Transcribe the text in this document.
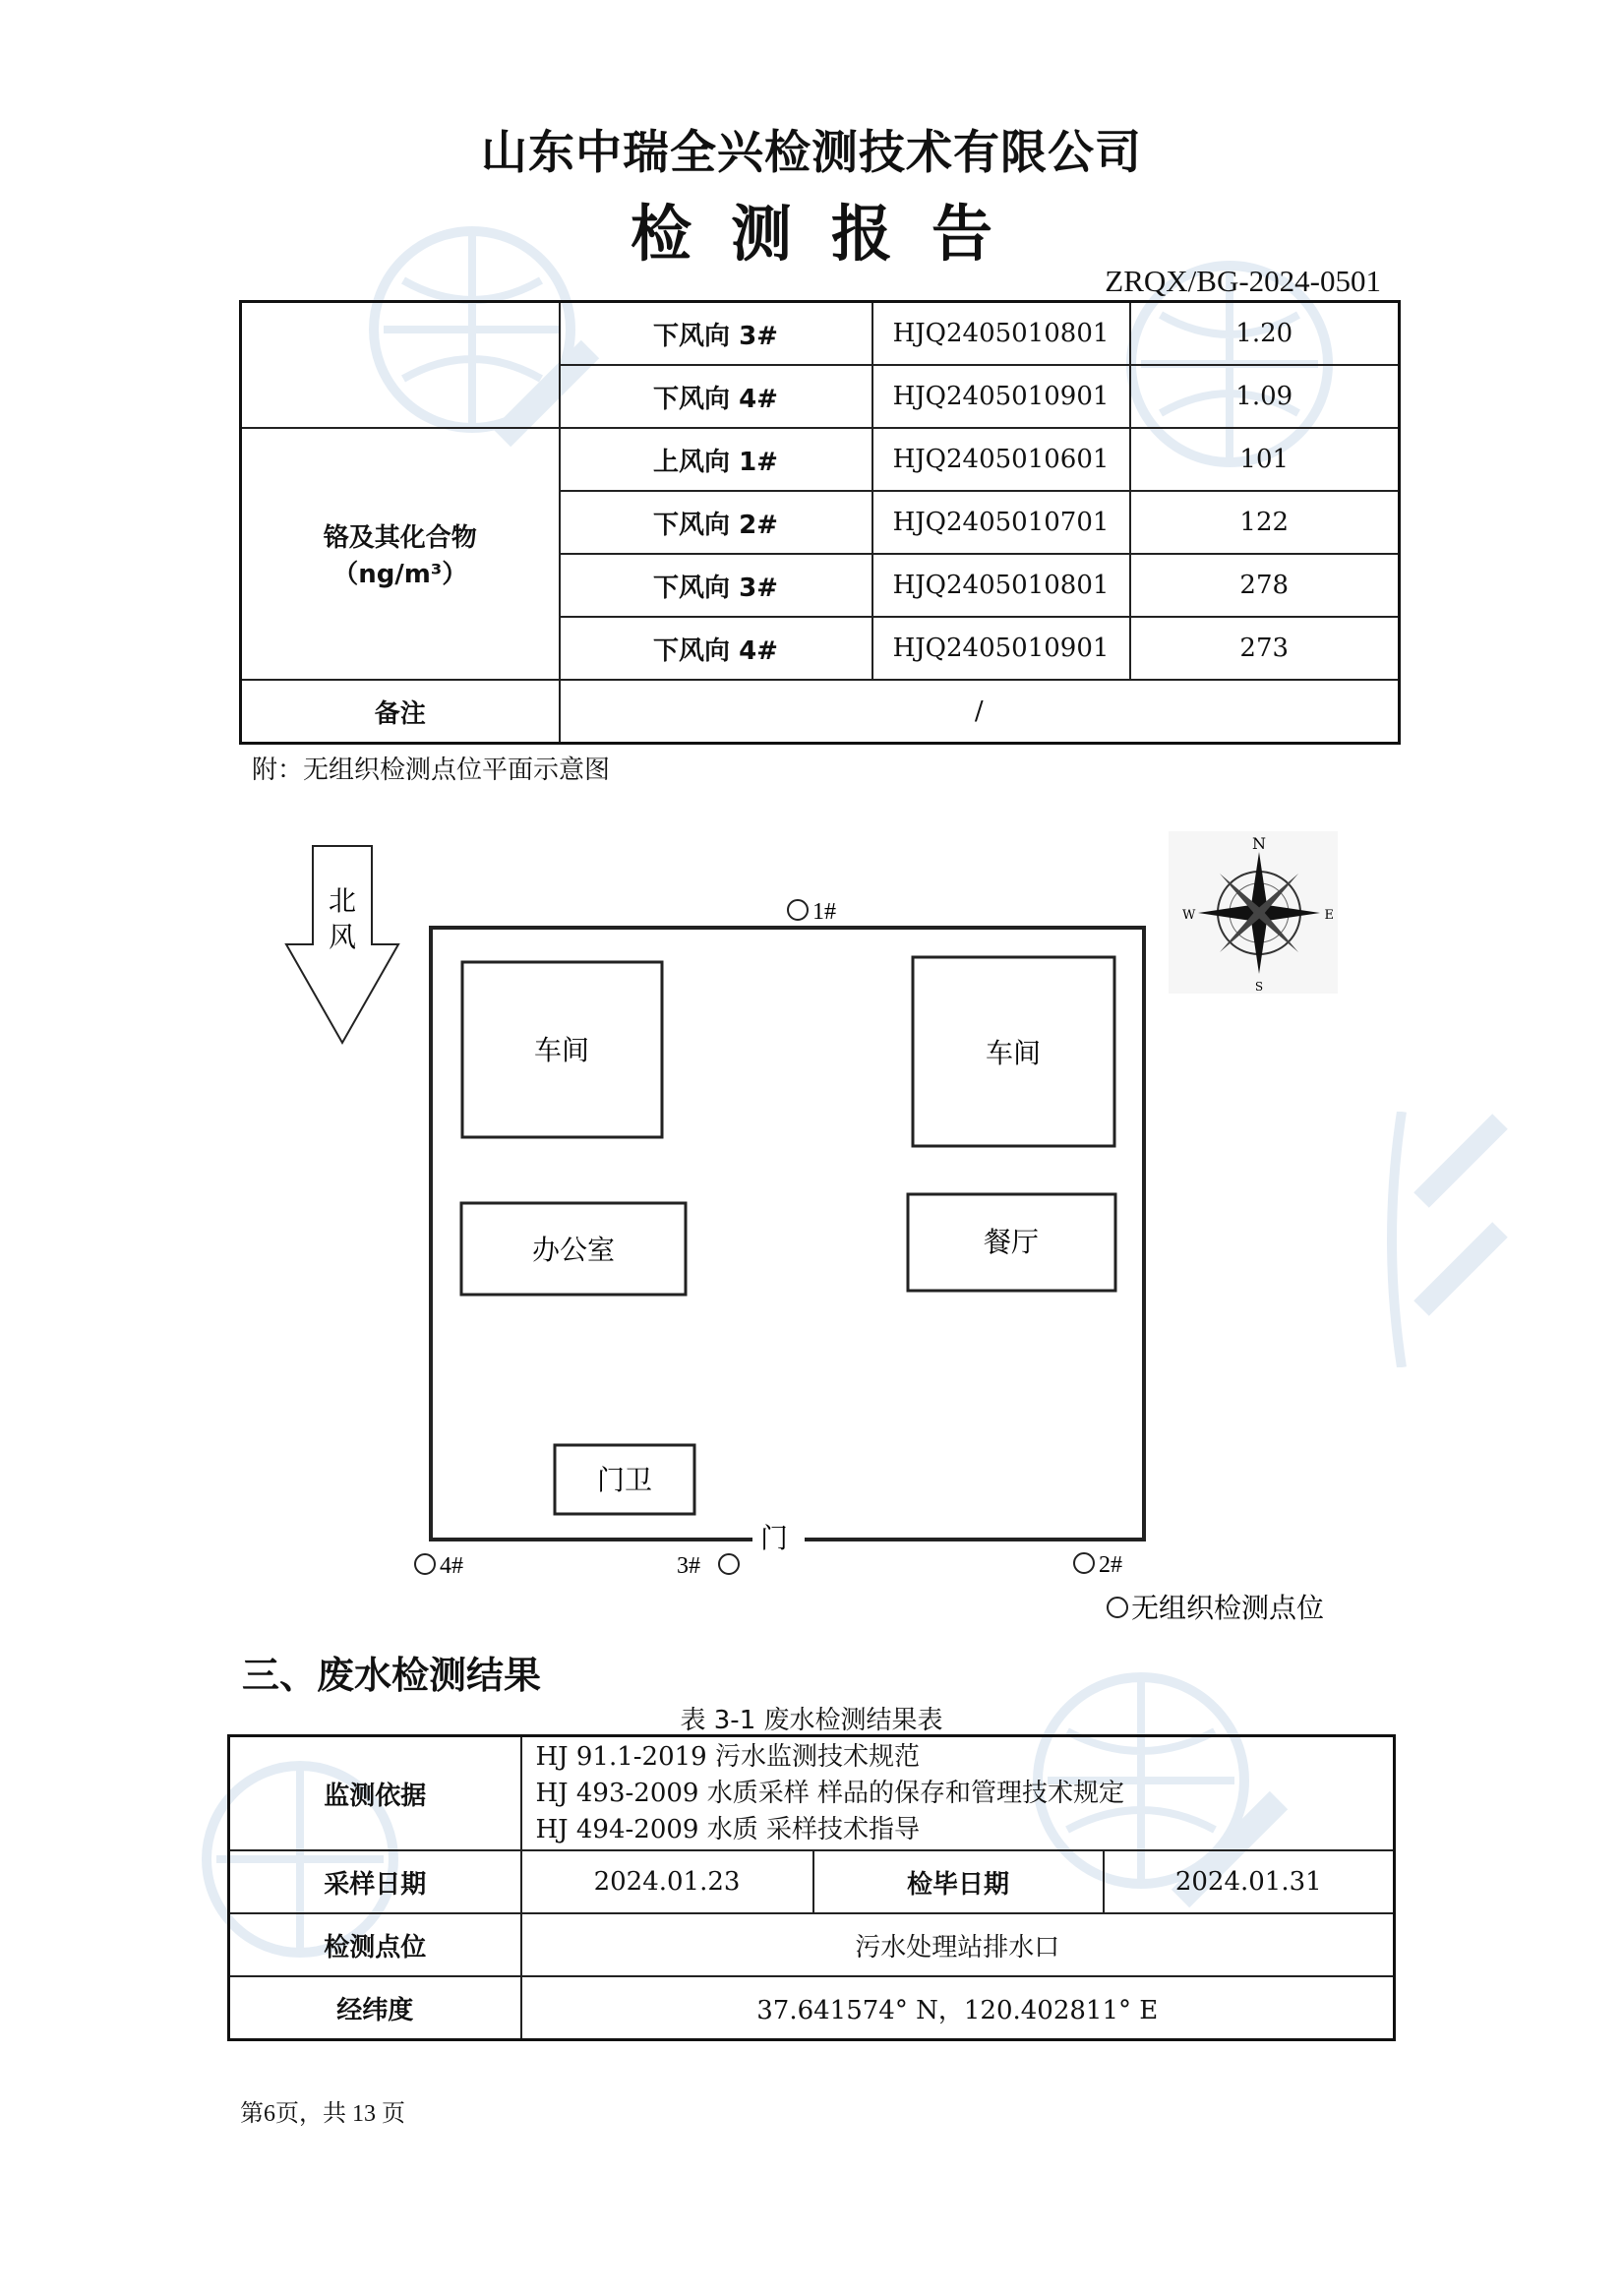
山东中瑞全兴检测技术有限公司
检测报告
ZRQX/BG-2024-0501
	下风向 3#	HJQ2405010801	1.20
	下风向 4#	HJQ2405010901	1.09

铬及其化合物
（ng/m³）	上风向 1#	HJQ2405010601	101
	下风向 2#	HJQ2405010701	122
	下风向 3#	HJQ2405010801	278
	下风向 4#	HJQ2405010901	273
备注	/		
附：无组织检测点位平面示意图
北
风
门
车间	车间
办公室	餐厅
门卫
1#
4#	3#	2#
无组织检测点位
N
S
E
W
三、废水检测结果
表 3-1 废水检测结果表
监测依据	HJ 91.1-2019 污水监测技术规范
HJ 493-2009 水质采样 样品的保存和管理技术规定
HJ 494-2009 水质 采样技术指导		

采样日期	2024.01.23	检毕日期	2024.01.31
检测点位	污水处理站排水口		
经纬度	37.641574° N，120.402811° E		
第6页，共 13 页
